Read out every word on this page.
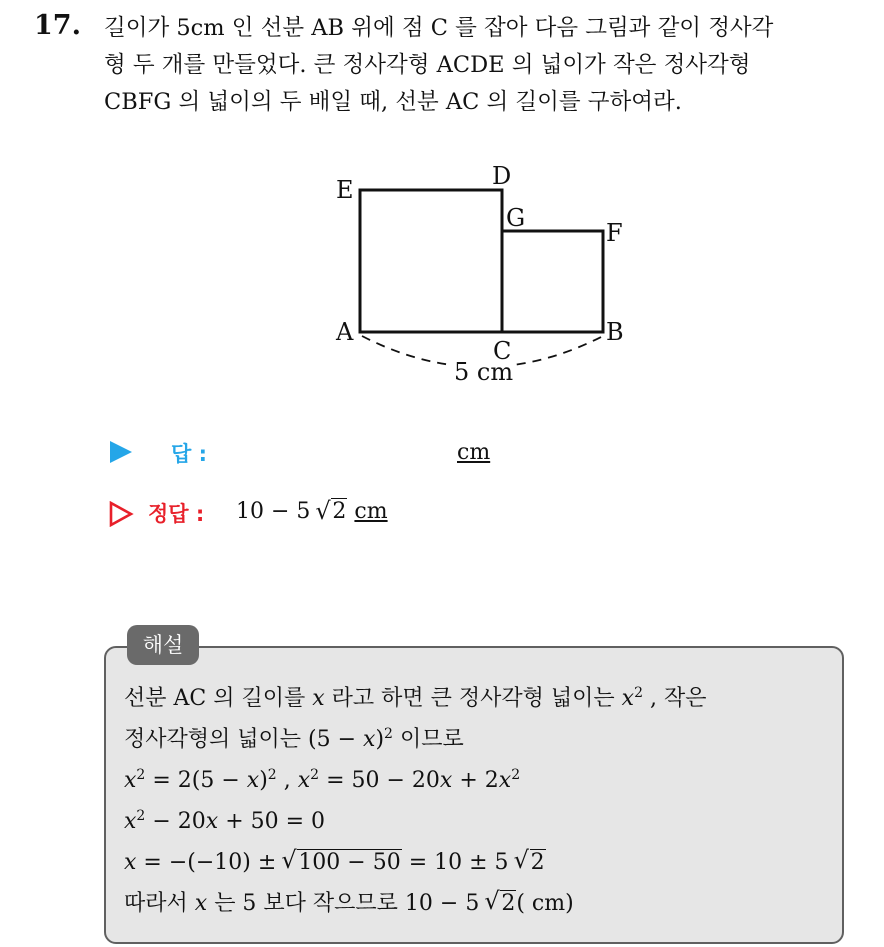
17. 길이가 5cm 인 선분 AB 위에 점 C 를 잡아 다음 그림과 같이 정사각
형 두 개를 만들었다. 큰 정사각형 ACDE 의 넓이가 작은 정사각형
CBFG 의 넓이의 두 배일 때, 선분 AC 의 길이를 구하여라.
E	D
G
F
A	B
C
5 cm
답 :	cm
정답 : 10 − 5 √ 2 cm
해설
선분 AC 의 길이를 x 라고 하면 큰 정사각형 넓이는 $x^2$ , 작은
정사각형의 넓이는 $(5 - x)^2$ 이므로
$x^2 = 2(5 - x)^2$ , $x^2 = 50 - 20x + 2x^2$
$x^2 - 20x + 50 = 0$
x = −(−10) ± √ 100 − 50 = 10 ± 5 √ 2
따라서 x 는 5 보다 작으므로 10 − 5 √ 2( cm)
